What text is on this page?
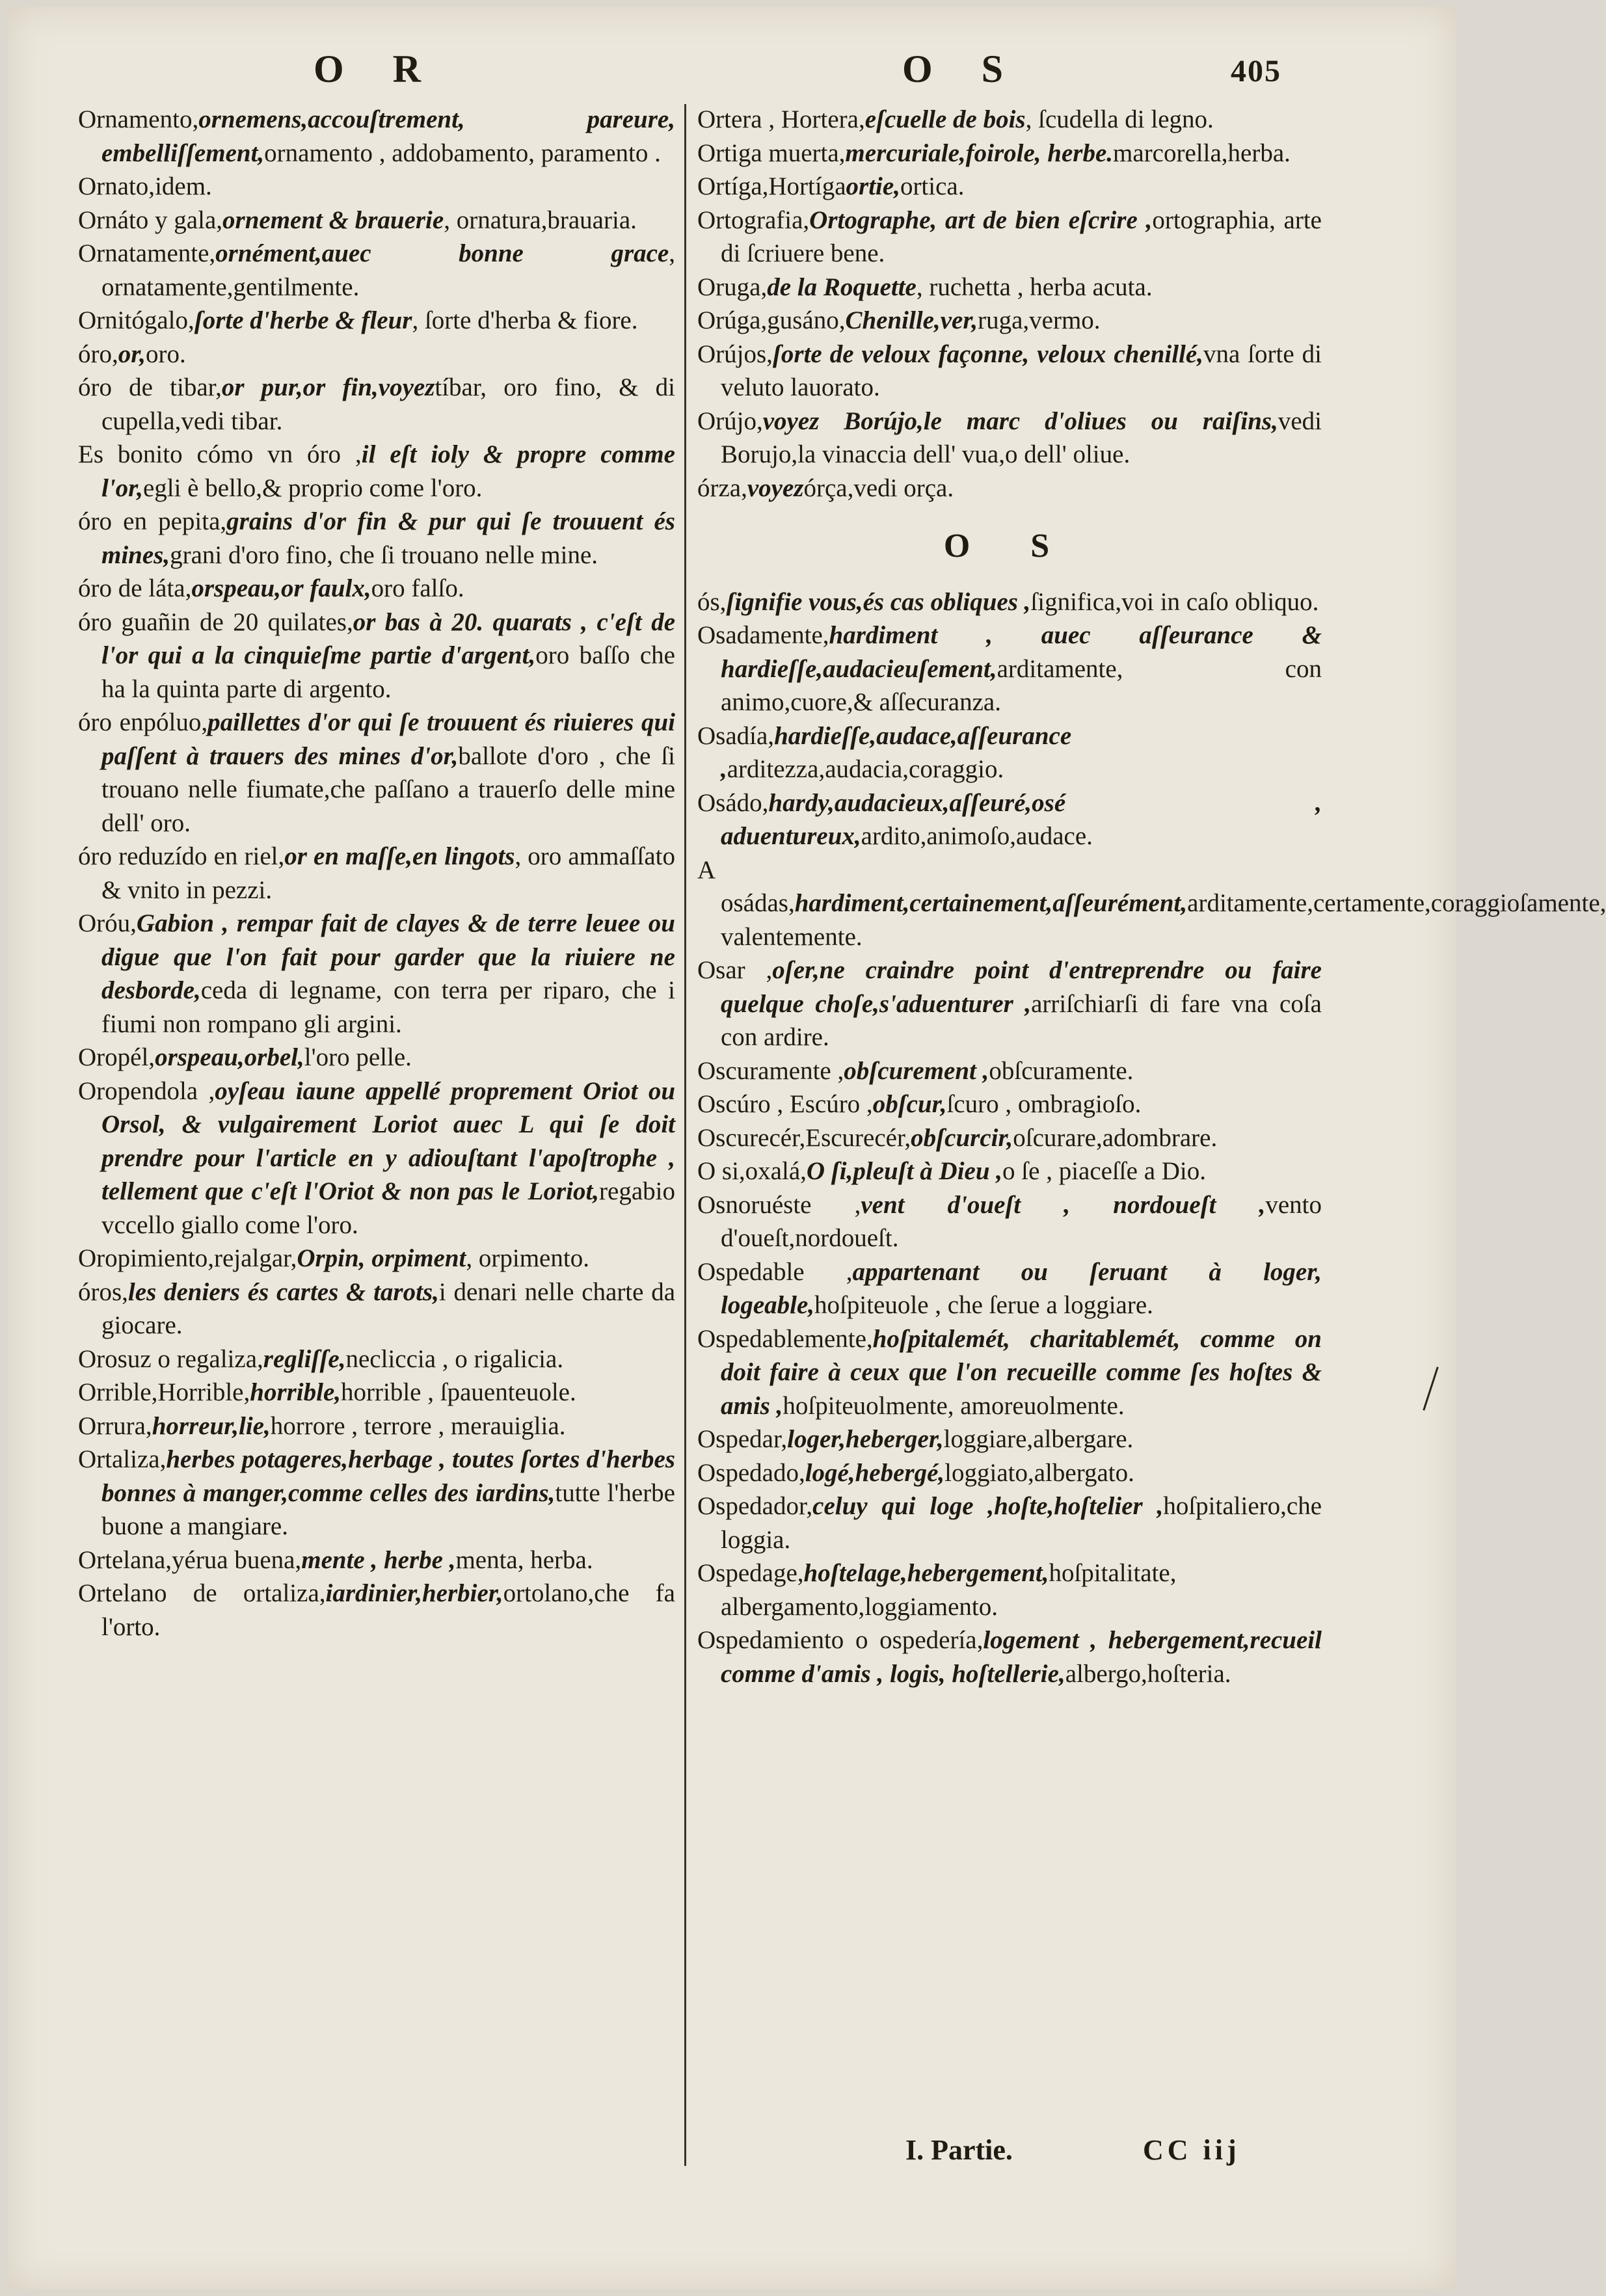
O R	O S	405
Ornamento,ornemens,accouſtrement, pareure, embelliſſement,ornamento , addobamento, paramento .
Ornato,idem.
Ornáto y gala,ornement & brauerie, ornatura,brauaria.
Ornatamente,ornément,auec bonne grace, ornatamente,gentilmente.
Ornitógalo,ſorte d'herbe & fleur, ſorte d'herba & fiore.
óro,or,oro.
óro de tibar,or pur,or fin,voyeztíbar, oro fino, & di cupella,vedi tibar.
Es bonito cómo vn óro ,il eſt ioly & propre comme l'or,egli è bello,& proprio come l'oro.
óro en pepita,grains d'or fin & pur qui ſe trouuent és mines,grani d'oro fino, che ſi trouano nelle mine.
óro de láta,orspeau,or faulx,oro falſo.
óro guañin de 20 quilates,or bas à 20. quarats , c'eſt de l'or qui a la cinquieſme partie d'argent,oro baſſo che ha la quinta parte di argento.
óro enpóluo,paillettes d'or qui ſe trouuent és riuieres qui paſſent à trauers des mines d'or,ballote d'oro , che ſi trouano nelle fiumate,che paſſano a trauerſo delle mine dell' oro.
óro reduzído en riel,or en maſſe,en lingots, oro ammaſſato & vnito in pezzi.
Oróu,Gabion , rempar fait de clayes & de terre leuee ou digue que l'on fait pour garder que la riuiere ne desborde,ceda di legname, con terra per riparo, che i fiumi non rompano gli argini.
Oropél,orspeau,orbel,l'oro pelle.
Oropendola ,oyſeau iaune appellé proprement Oriot ou Orsol, & vulgairement Loriot auec L qui ſe doit prendre pour l'article en y adiouſtant l'apoſtrophe , tellement que c'eſt l'Oriot & non pas le Loriot,regabio vccello giallo come l'oro.
Oropimiento,rejalgar,Orpin, orpiment, orpimento.
óros,les deniers és cartes & tarots,i denari nelle charte da giocare.
Orosuz o regaliza,regliſſe,necliccia , o rigalicia.
Orrible,Horrible,horrible,horrible , ſpauenteuole.
Orrura,horreur,lie,horrore , terrore , merauiglia.
Ortaliza,herbes potageres,herbage , toutes ſortes d'herbes bonnes à manger,comme celles des iardins,tutte l'herbe buone a mangiare.
Ortelana,yérua buena,mente , herbe ,menta, herba.
Ortelano de ortaliza,iardinier,herbier,ortolano,che fa l'orto.
Ortera , Hortera,eſcuelle de bois, ſcudella di legno.
Ortiga muerta,mercuriale,foirole, herbe.marcorella,herba.
Ortíga,Hortígaortie,ortica.
Ortografia,Ortographe, art de bien eſcrire ,ortographia, arte di ſcriuere bene.
Oruga,de la Roquette, ruchetta , herba acuta.
Orúga,gusáno,Chenille,ver,ruga,vermo.
Orújos,ſorte de veloux façonne, veloux chenillé,vna ſorte di veluto lauorato.
Orújo,voyez Borújo,le marc d'oliues ou raiſins,vedi Borujo,la vinaccia dell' vua,o dell' oliue.
órza,voyezórça,vedi orça.
O S
ós,ſignifie vous,és cas obliques ,ſignifica,voi in caſo obliquo.
Osadamente,hardiment , auec aſſeurance & hardieſſe,audacieuſement,arditamente, con animo,cuore,& aſſecuranza.
Osadía,hardieſſe,audace,aſſeurance ,arditezza,audacia,coraggio.
Osádo,hardy,audacieux,aſſeuré,osé , aduentureux,ardito,animoſo,audace.
A osádas,hardiment,certainement,aſſeurément,arditamente,certamente,coraggioſamente, valentemente.
Osar ,oſer,ne craindre point d'entreprendre ou faire quelque choſe,s'aduenturer ,arriſchiarſi di fare vna coſa con ardire.
Oscuramente ,obſcurement ,obſcuramente.
Oscúro , Escúro ,obſcur,ſcuro , ombragioſo.
Oscurecér,Escurecér,obſcurcir,oſcurare,adombrare.
O si,oxalá,O ſi,pleuſt à Dieu ,o ſe , piaceſſe a Dio.
Osnoruéste ,vent d'oueſt , nordoueſt ,vento d'oueſt,nordoueſt.
Ospedable ,appartenant ou ſeruant à loger, logeable,hoſpiteuole , che ſerue a loggiare.
Ospedablemente,hoſpitalemét, charitablemét, comme on doit faire à ceux que l'on recueille comme ſes hoſtes & amis ,hoſpiteuolmente, amoreuolmente.
Ospedar,loger,heberger,loggiare,albergare.
Ospedado,logé,hebergé,loggiato,albergato.
Ospedador,celuy qui loge ,hoſte,hoſtelier ,hoſpitaliero,che loggia.
Ospedage,hoſtelage,hebergement,hoſpitalitate, albergamento,loggiamento.
Ospedamiento o ospedería,logement , hebergement,recueil comme d'amis , logis, hoſtellerie,albergo,hoſteria.
I. Partie.	CC iij
